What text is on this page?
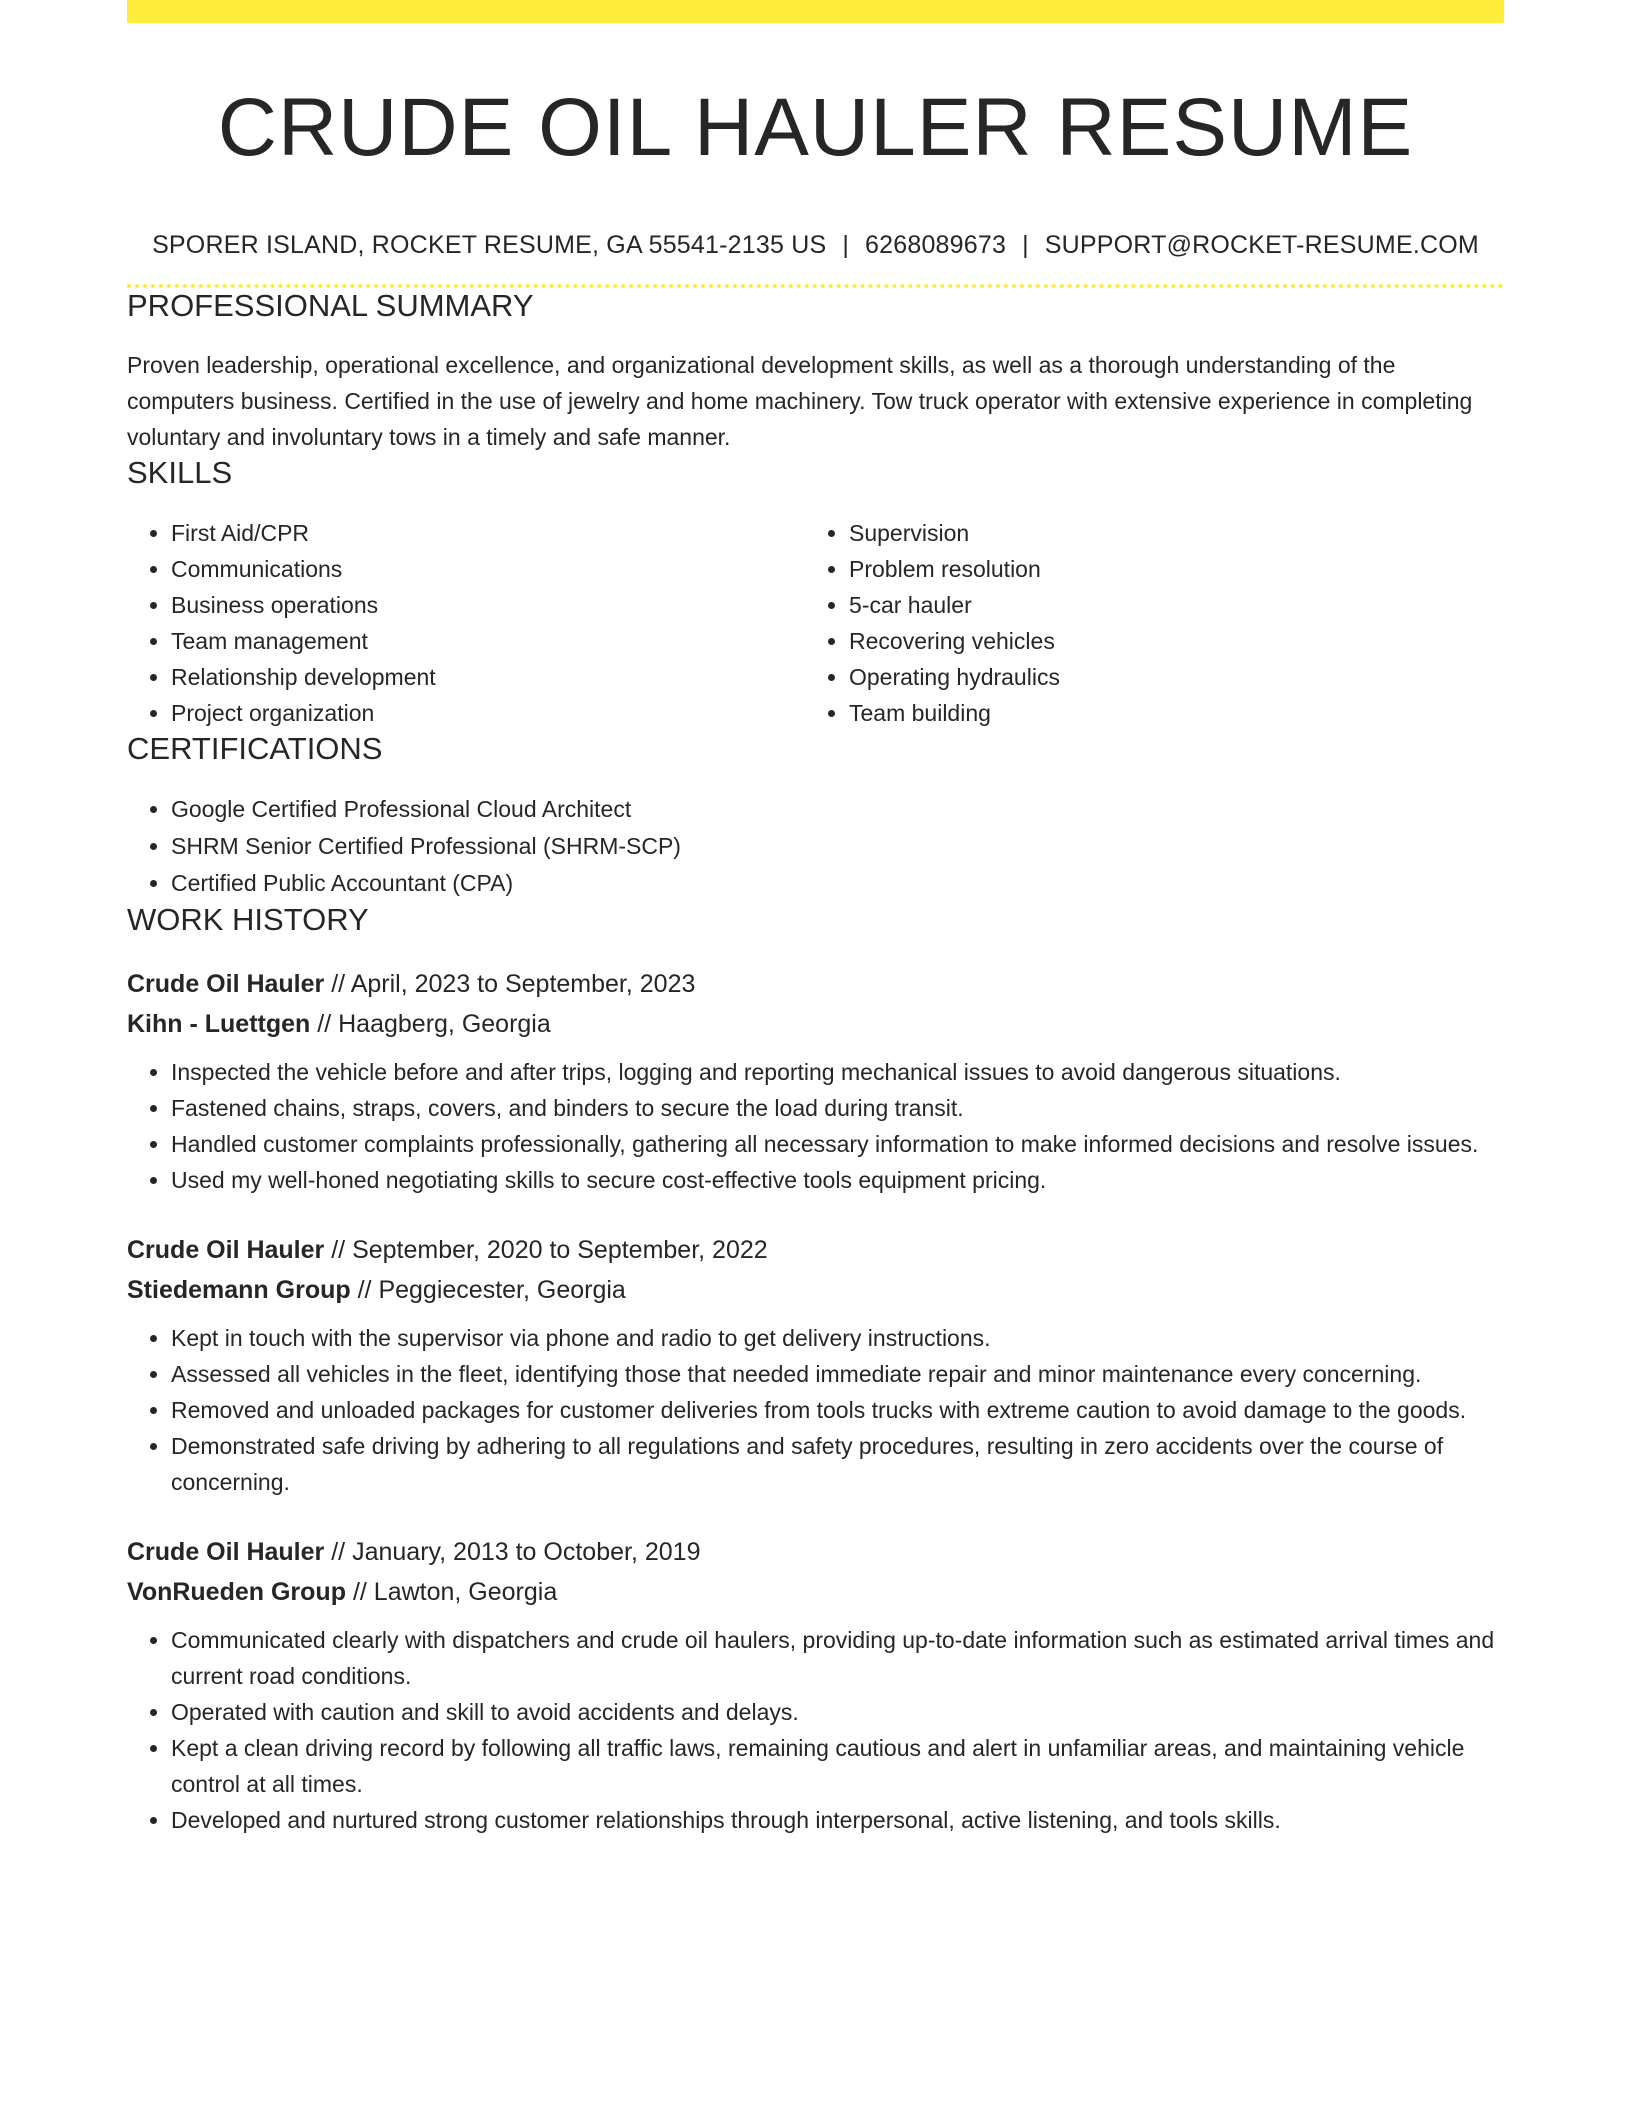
CRUDE OIL HAULER RESUME
SPORER ISLAND, ROCKET RESUME, GA 55541-2135 US | 6268089673 | SUPPORT@ROCKET-RESUME.COM
PROFESSIONAL SUMMARY
Proven leadership, operational excellence, and organizational development skills, as well as a thorough understanding of the computers business. Certified in the use of jewelry and home machinery. Tow truck operator with extensive experience in completing voluntary and involuntary tows in a timely and safe manner.
SKILLS
• First Aid/CPR
• Communications
• Business operations
• Team management
• Relationship development
• Project organization
• Supervision
• Problem resolution
• 5-car hauler
• Recovering vehicles
• Operating hydraulics
• Team building
CERTIFICATIONS
• Google Certified Professional Cloud Architect
• SHRM Senior Certified Professional (SHRM-SCP)
• Certified Public Accountant (CPA)
WORK HISTORY
Crude Oil Hauler // April, 2023 to September, 2023
Kihn - Luettgen // Haagberg, Georgia
• Inspected the vehicle before and after trips, logging and reporting mechanical issues to avoid dangerous situations.
• Fastened chains, straps, covers, and binders to secure the load during transit.
• Handled customer complaints professionally, gathering all necessary information to make informed decisions and resolve issues.
• Used my well-honed negotiating skills to secure cost-effective tools equipment pricing.
Crude Oil Hauler // September, 2020 to September, 2022
Stiedemann Group // Peggiecester, Georgia
• Kept in touch with the supervisor via phone and radio to get delivery instructions.
• Assessed all vehicles in the fleet, identifying those that needed immediate repair and minor maintenance every concerning.
• Removed and unloaded packages for customer deliveries from tools trucks with extreme caution to avoid damage to the goods.
• Demonstrated safe driving by adhering to all regulations and safety procedures, resulting in zero accidents over the course of concerning.
Crude Oil Hauler // January, 2013 to October, 2019
VonRueden Group // Lawton, Georgia
• Communicated clearly with dispatchers and crude oil haulers, providing up-to-date information such as estimated arrival times and current road conditions.
• Operated with caution and skill to avoid accidents and delays.
• Kept a clean driving record by following all traffic laws, remaining cautious and alert in unfamiliar areas, and maintaining vehicle control at all times.
• Developed and nurtured strong customer relationships through interpersonal, active listening, and tools skills.
